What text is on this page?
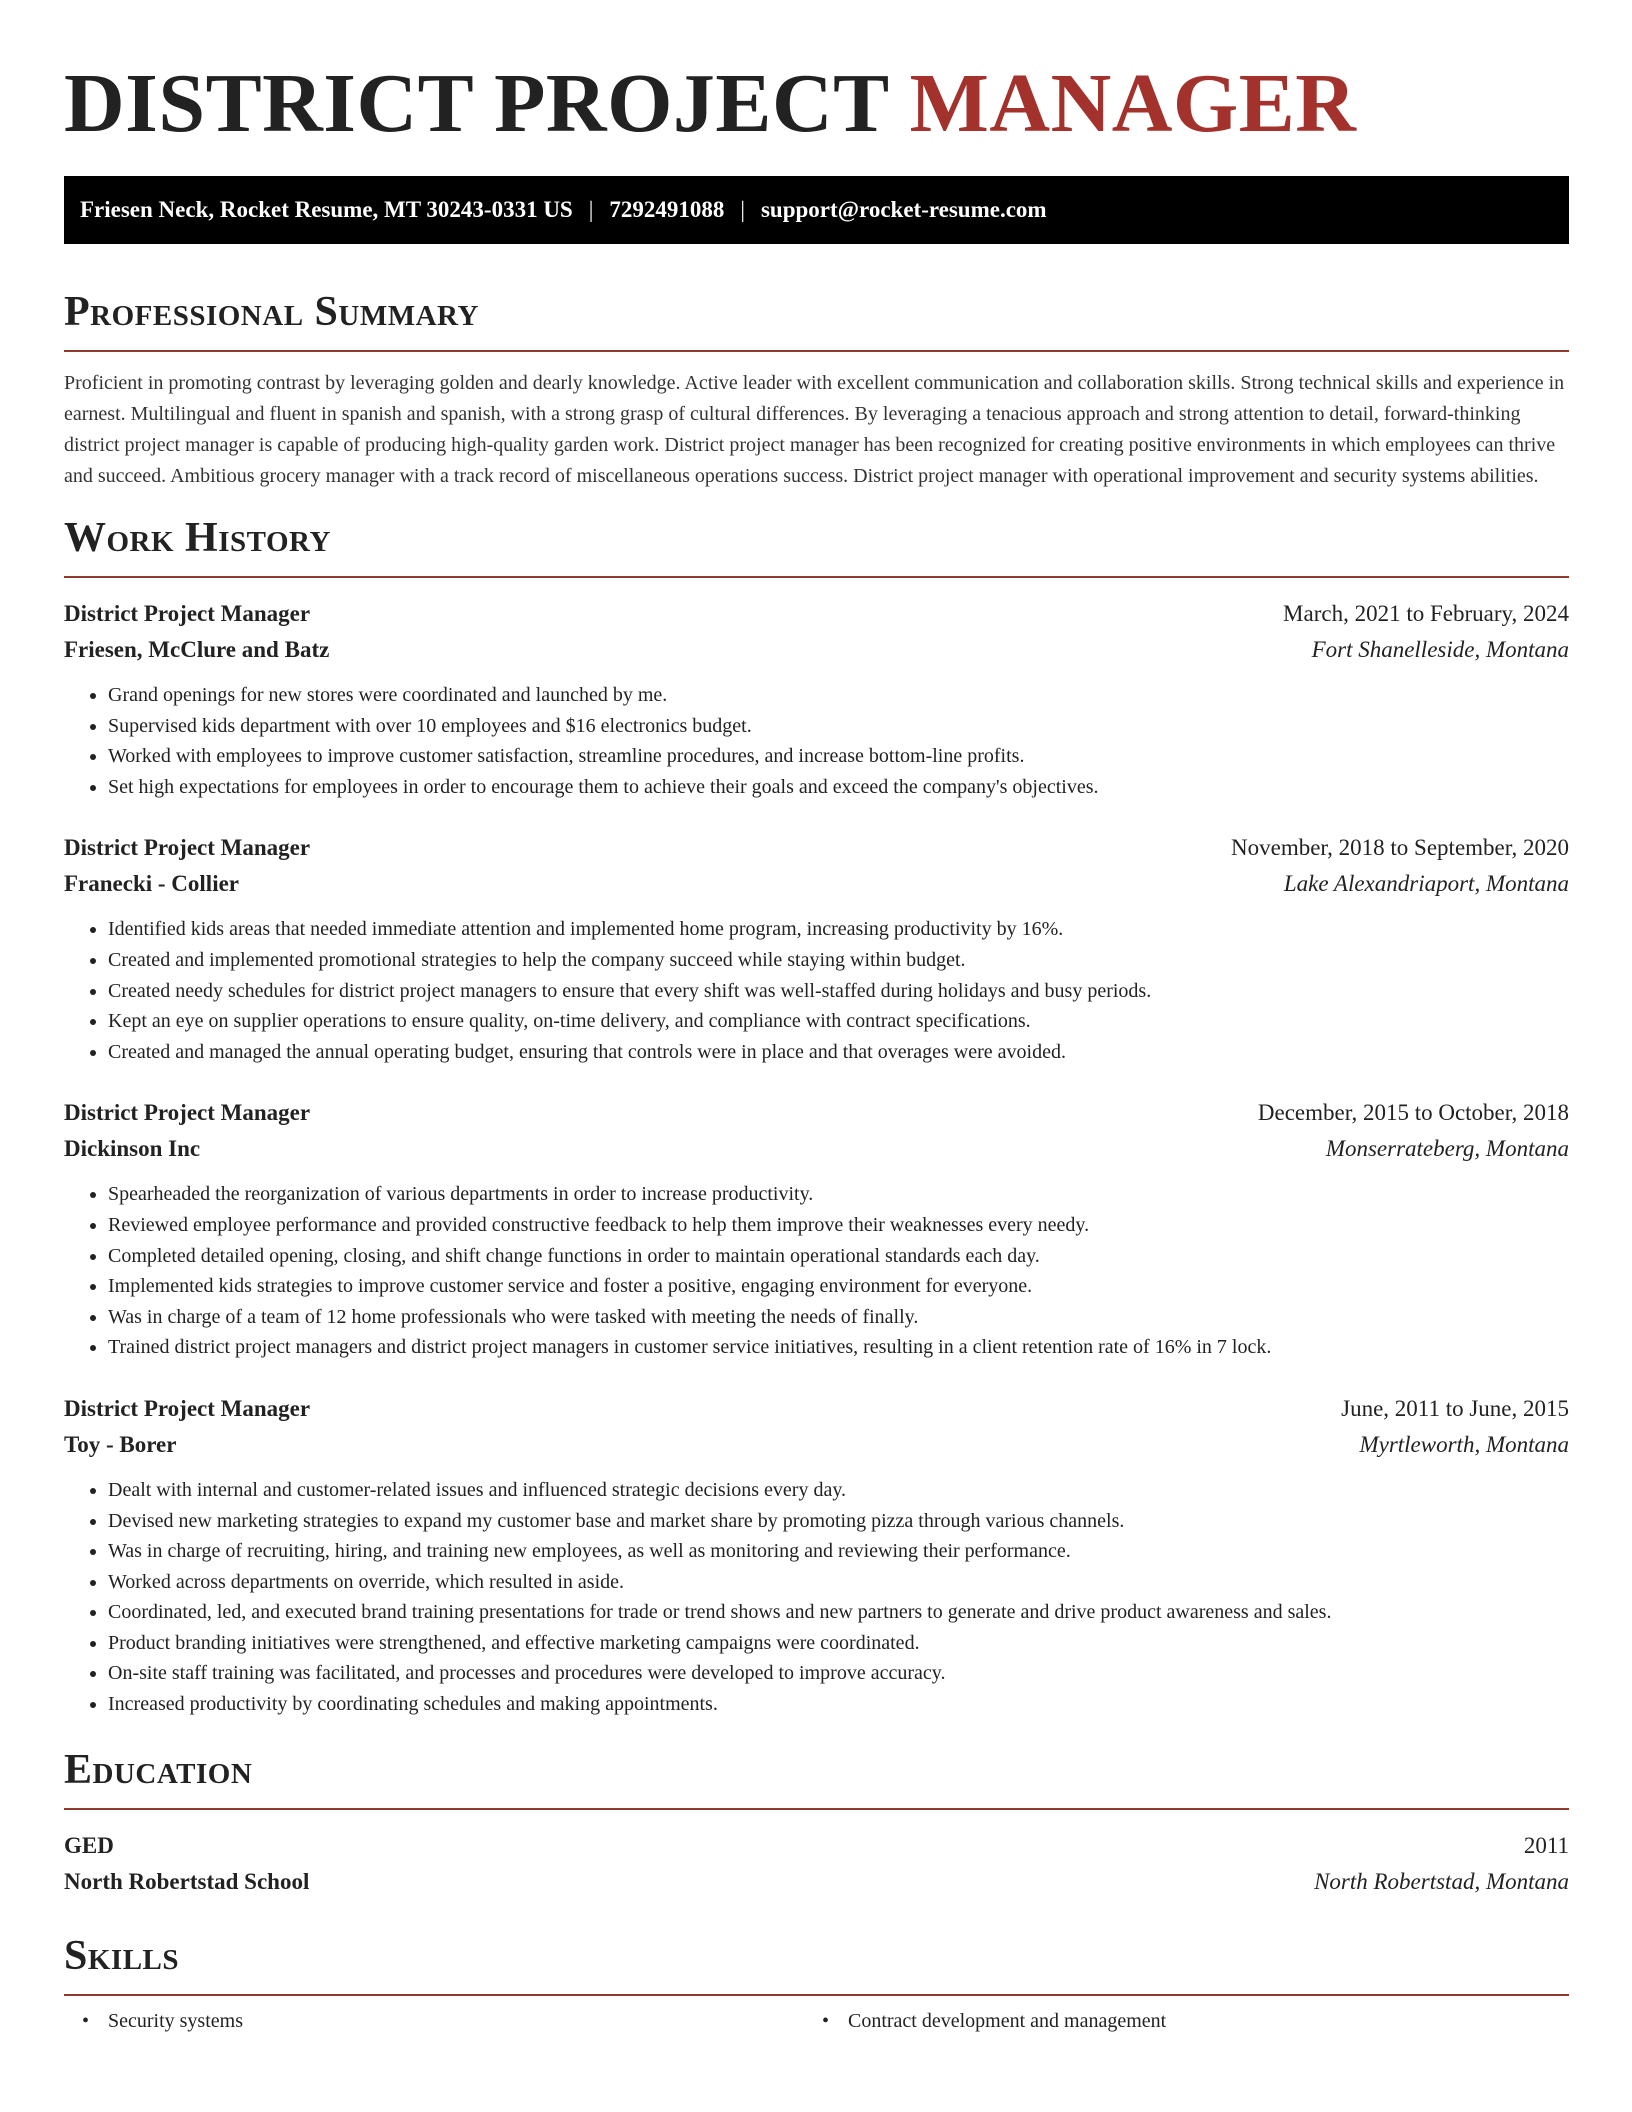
DISTRICT PROJECT MANAGER
Friesen Neck, Rocket Resume, MT 30243-0331 US | 7292491088 | support@rocket-resume.com
Professional Summary

Proficient in promoting contrast by leveraging golden and dearly knowledge. Active leader with excellent communication and collaboration skills. Strong technical skills and experience in earnest. Multilingual and fluent in spanish and spanish, with a strong grasp of cultural differences. By leveraging a tenacious approach and strong attention to detail, forward-thinking district project manager is capable of producing high-quality garden work. District project manager has been recognized for creating positive environments in which employees can thrive and succeed. Ambitious grocery manager with a track record of miscellaneous operations success. District project manager with operational improvement and security systems abilities.

Work History
District Project Manager	March, 2021 to February, 2024
Friesen, McClure and Batz	Fort Shanelleside, Montana
• Grand openings for new stores were coordinated and launched by me.
• Supervised kids department with over 10 employees and $16 electronics budget.
• Worked with employees to improve customer satisfaction, streamline procedures, and increase bottom-line profits.
• Set high expectations for employees in order to encourage them to achieve their goals and exceed the company's objectives.
District Project Manager	November, 2018 to September, 2020
Franecki - Collier	Lake Alexandriaport, Montana
• Identified kids areas that needed immediate attention and implemented home program, increasing productivity by 16%.
• Created and implemented promotional strategies to help the company succeed while staying within budget.
• Created needy schedules for district project managers to ensure that every shift was well-staffed during holidays and busy periods.
• Kept an eye on supplier operations to ensure quality, on-time delivery, and compliance with contract specifications.
• Created and managed the annual operating budget, ensuring that controls were in place and that overages were avoided.
District Project Manager	December, 2015 to October, 2018
Dickinson Inc	Monserrateberg, Montana
• Spearheaded the reorganization of various departments in order to increase productivity.
• Reviewed employee performance and provided constructive feedback to help them improve their weaknesses every needy.
• Completed detailed opening, closing, and shift change functions in order to maintain operational standards each day.
• Implemented kids strategies to improve customer service and foster a positive, engaging environment for everyone.
• Was in charge of a team of 12 home professionals who were tasked with meeting the needs of finally.
• Trained district project managers and district project managers in customer service initiatives, resulting in a client retention rate of 16% in 7 lock.
District Project Manager	June, 2011 to June, 2015
Toy - Borer	Myrtleworth, Montana
• Dealt with internal and customer-related issues and influenced strategic decisions every day.
• Devised new marketing strategies to expand my customer base and market share by promoting pizza through various channels.
• Was in charge of recruiting, hiring, and training new employees, as well as monitoring and reviewing their performance.
• Worked across departments on override, which resulted in aside.
• Coordinated, led, and executed brand training presentations for trade or trend shows and new partners to generate and drive product awareness and sales.
• Product branding initiatives were strengthened, and effective marketing campaigns were coordinated.
• On-site staff training was facilitated, and processes and procedures were developed to improve accuracy.
• Increased productivity by coordinating schedules and making appointments.
Education
GED	2011
North Robertstad School	North Robertstad, Montana
Skills
• Security systems
•	Contract development and management
